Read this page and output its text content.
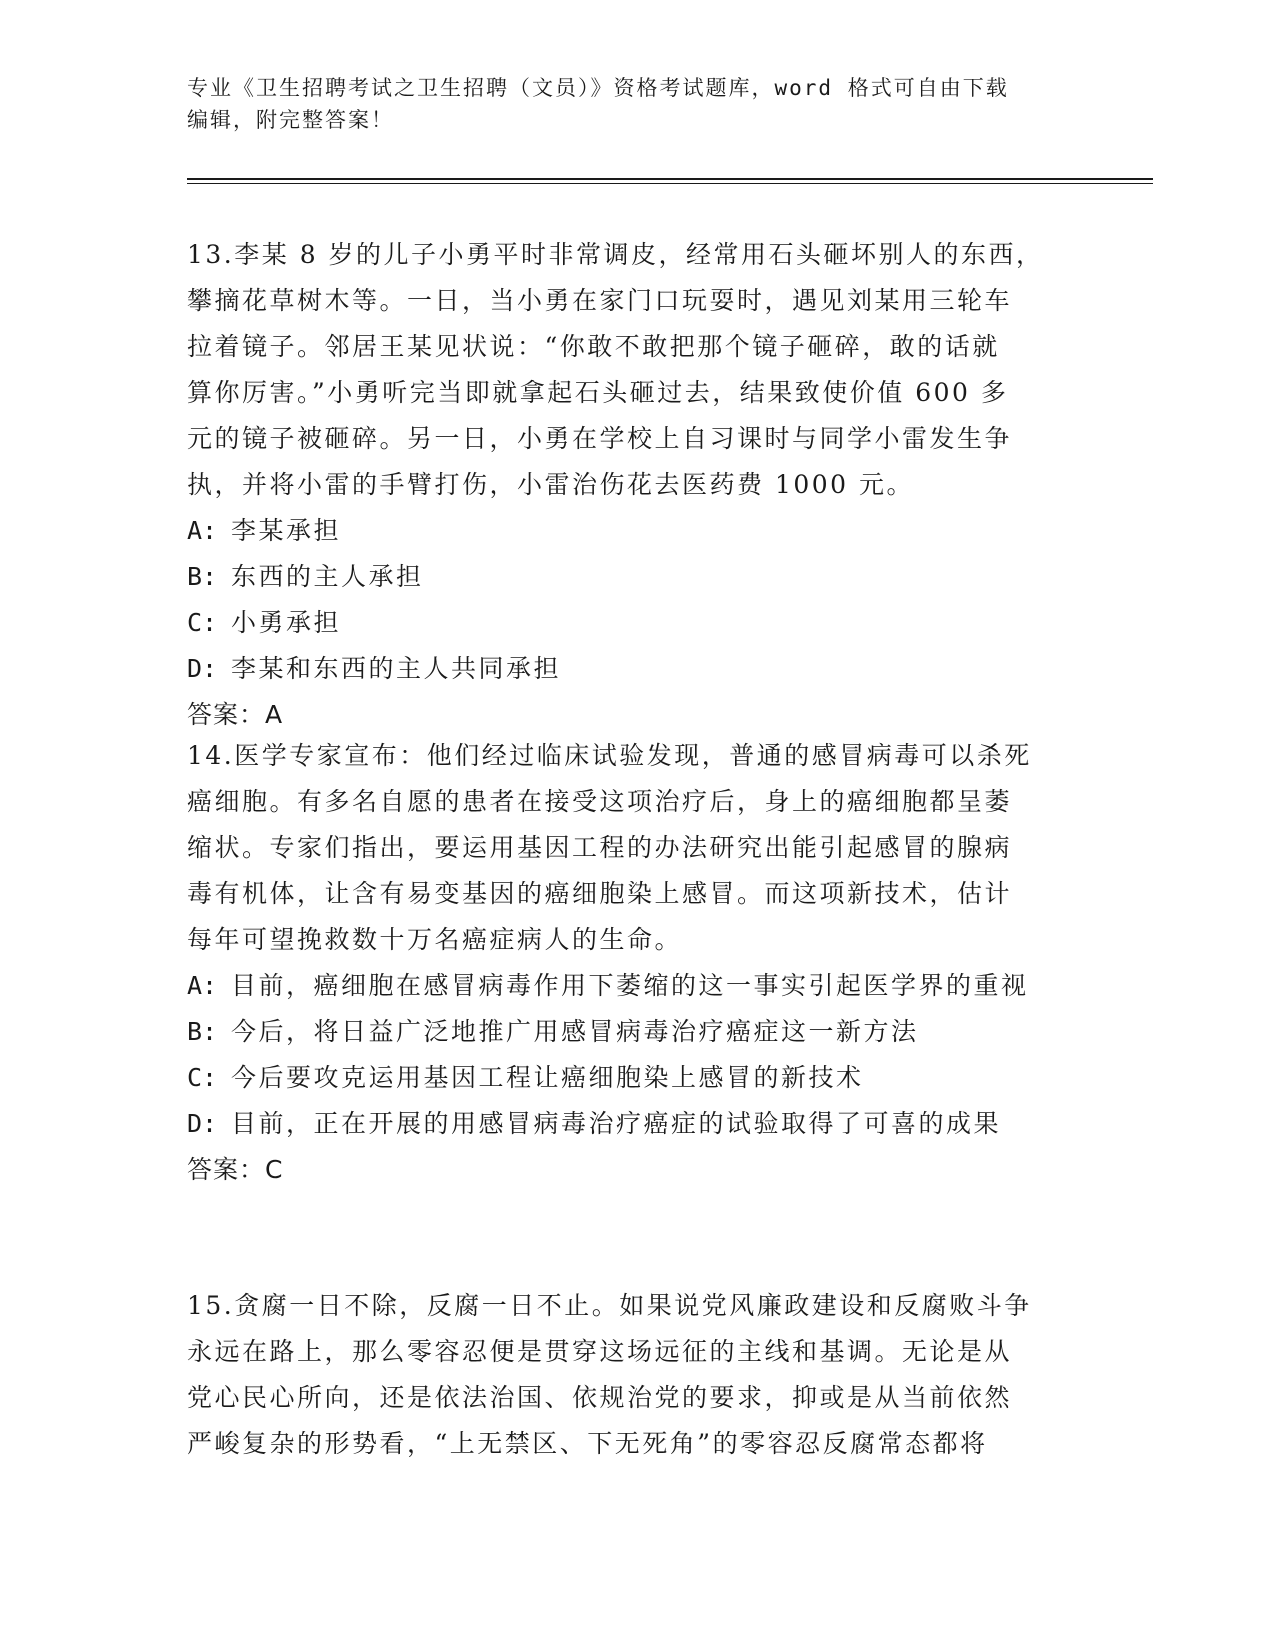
专业《卫生招聘考试之卫生招聘（文员）》资格考试题库，word 格式可自由下载
编辑，附完整答案！

13.李某 8 岁的儿子小勇平时非常调皮，经常用石头砸坏别人的东西，

攀摘花草树木等。一日，当小勇在家门口玩耍时，遇见刘某用三轮车

拉着镜子。邻居王某见状说：“你敢不敢把那个镜子砸碎，敢的话就

算你厉害。”小勇听完当即就拿起石头砸过去，结果致使价值 600 多

元的镜子被砸碎。另一日，小勇在学校上自习课时与同学小雷发生争

执，并将小雷的手臂打伤，小雷治伤花去医药费 1000 元。

A: 李某承担

B: 东西的主人承担

C: 小勇承担

D: 李某和东西的主人共同承担

答案：A

14.医学专家宣布：他们经过临床试验发现，普通的感冒病毒可以杀死

癌细胞。有多名自愿的患者在接受这项治疗后，身上的癌细胞都呈萎

缩状。专家们指出，要运用基因工程的办法研究出能引起感冒的腺病

毒有机体，让含有易变基因的癌细胞染上感冒。而这项新技术，估计

每年可望挽救数十万名癌症病人的生命。

A: 目前，癌细胞在感冒病毒作用下萎缩的这一事实引起医学界的重视

B: 今后，将日益广泛地推广用感冒病毒治疗癌症这一新方法

C: 今后要攻克运用基因工程让癌细胞染上感冒的新技术

D: 目前，正在开展的用感冒病毒治疗癌症的试验取得了可喜的成果

答案：C

15.贪腐一日不除，反腐一日不止。如果说党风廉政建设和反腐败斗争

永远在路上，那么零容忍便是贯穿这场远征的主线和基调。无论是从

党心民心所向，还是依法治国、依规治党的要求，抑或是从当前依然

严峻复杂的形势看，“上无禁区、下无死角”的零容忍反腐常态都将
